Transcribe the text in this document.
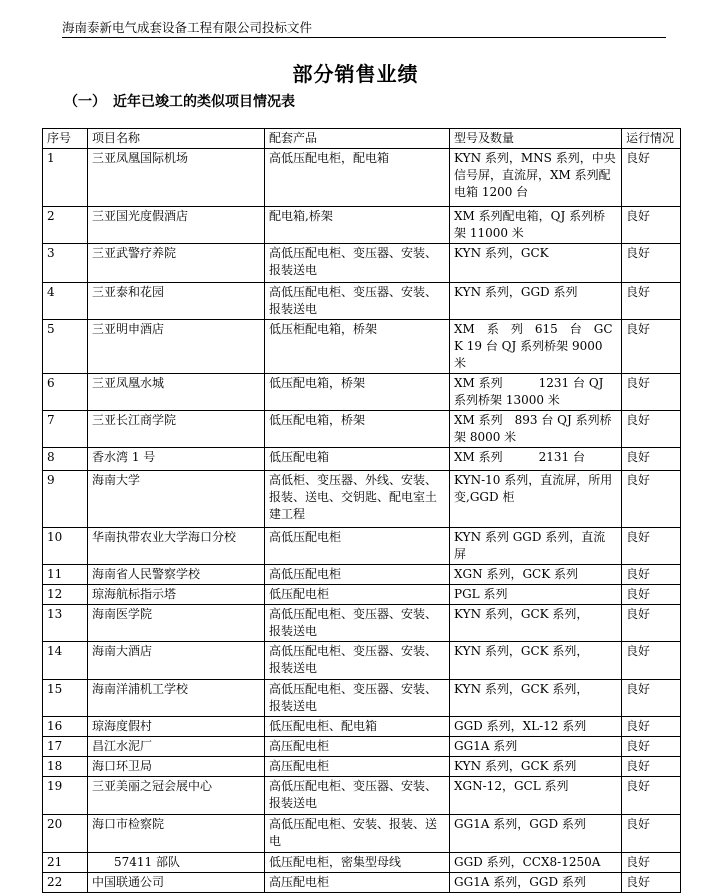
海南泰新电气成套设备工程有限公司投标文件
部分销售业绩
（一）　近年已竣工的类似项目情况表
序号	项目名称	配套产品	型号及数量	运行情况
1	三亚凤凰国际机场	高低压配电柜，配电箱	KYN 系列，MNS 系列，中央信号屏，直流屏，XM 系列配电箱 1200 台	良好
2	三亚国光度假酒店	配电箱,桥架	XM 系列配电箱，QJ 系列桥架 11000 米	良好
3	三亚武警疗养院	高低压配电柜、变压器、安装、报装送电	KYN 系列，GCK	良好
4	三亚泰和花园	高低压配电柜、变压器、安装、报装送电	KYN 系列，GGD 系列	良好
5	三亚明申酒店	低压柜配电箱，桥架	XM　系　列　615　台　GCK 19 台 QJ 系列桥架 9000 米	良好
6	三亚凤凰水城	低压配电箱，桥架	XM 系列　　　1231 台 QJ 系列桥架 13000 米	良好
7	三亚长江商学院	低压配电箱，桥架	XM 系列　893 台 QJ 系列桥架 8000 米	良好
8	香水湾 1 号	低压配电箱	XM 系列　　　2131 台	良好
9	海南大学	高低柜、变压器、外线、安装、报装、送电、交钥匙、配电室土建工程	KYN-10 系列，直流屏，所用变,GGD 柜	良好
10	华南执带农业大学海口分校	高低压配电柜	KYN 系列 GGD 系列，直流屏	良好
11	海南省人民警察学校	高低压配电柜	XGN 系列，GCK 系列	良好
12	琼海航标指示塔	低压配电柜	PGL 系列	良好
13	海南医学院	高低压配电柜、变压器、安装、报装送电	KYN 系列，GCK 系列，	良好
14	海南大酒店	高低压配电柜、变压器、安装、报装送电	KYN 系列，GCK 系列，	良好
15	海南洋浦机工学校	高低压配电柜、变压器、安装、报装送电	KYN 系列，GCK 系列，	良好
16	琼海度假村	低压配电柜、配电箱	GGD 系列，XL-12 系列	良好
17	昌江水泥厂	高压配电柜	GG1A 系列	良好
18	海口环卫局	高压配电柜	KYN 系列，GCK 系列	良好
19	三亚美丽之冠会展中心	高低压配电柜、变压器、安装、报装送电	XGN-12，GCL 系列	良好
20	海口市检察院	高低压配电柜、安装、报装、送电	GG1A 系列，GGD 系列	良好
21	57411 部队	低压配电柜，密集型母线	GGD 系列，CCX8-1250A	良好
22	中国联通公司	高压配电柜	GG1A 系列，GGD 系列	良好
